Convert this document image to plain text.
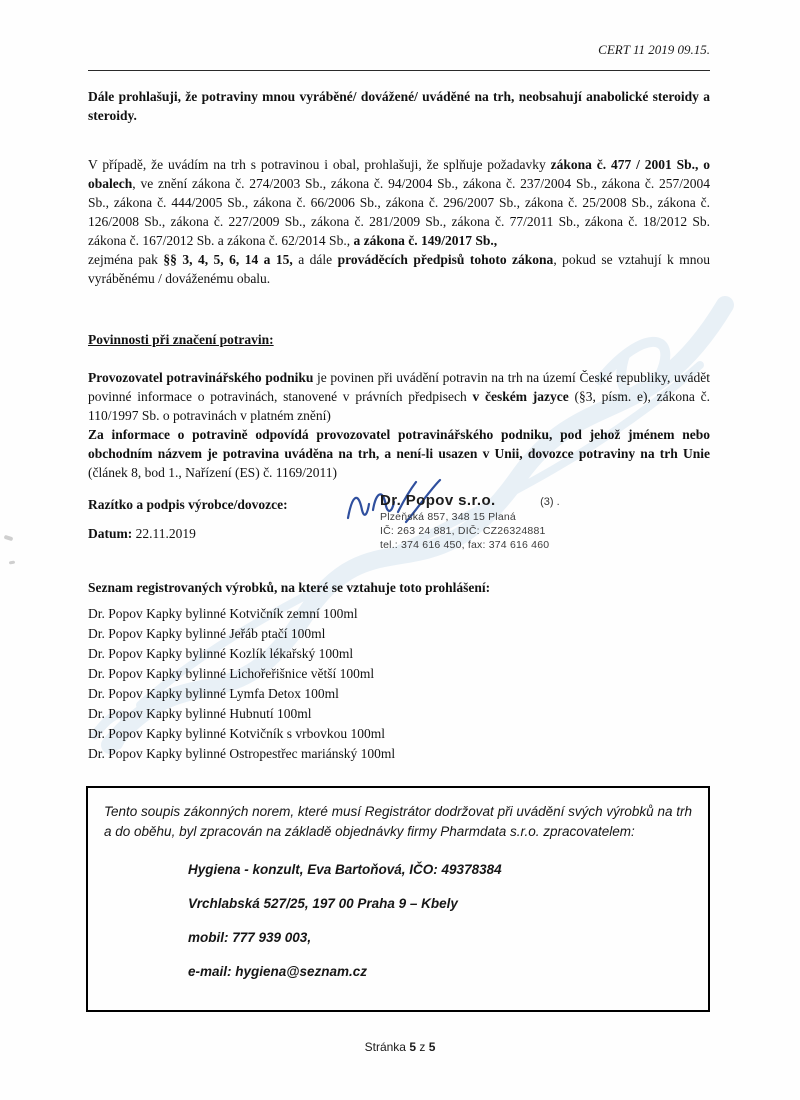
CERT 11 2019 09.15.

Dále prohlašuji, že potraviny mnou vyráběné/ dovážené/ uváděné na trh, neobsahují anabolické steroidy a steroidy.

V případě, že uvádím na trh s potravinou i obal, prohlašuji, že splňuje požadavky zákona č. 477 / 2001 Sb., o obalech, ve znění zákona č. 274/2003 Sb., zákona č. 94/2004 Sb., zákona č. 237/2004 Sb., zákona č. 257/2004 Sb., zákona č. 444/2005 Sb., zákona č. 66/2006 Sb., zákona č. 296/2007 Sb., zákona č. 25/2008 Sb., zákona č. 126/2008 Sb., zákona č. 227/2009 Sb., zákona č. 281/2009 Sb., zákona č. 77/2011 Sb., zákona č. 18/2012 Sb. zákona č. 167/2012 Sb. a zákona č. 62/2014 Sb., a zákona č. 149/2017 Sb.,
zejména pak §§ 3, 4, 5, 6, 14 a 15, a dále prováděcích předpisů tohoto zákona, pokud se vztahují k mnou vyráběnému / dováženému obalu.

Povinnosti při značení potravin:

Provozovatel potravinářského podniku je povinen při uvádění potravin na trh na území České republiky, uvádět povinné informace o potravinách, stanovené v právních předpisech v českém jazyce (§3, písm. e), zákona č. 110/1997 Sb. o potravinách v platném znění)
Za informace o potravině odpovídá provozovatel potravinářského podniku, pod jehož jménem nebo obchodním názvem je potravina uváděna na trh, a není-li usazen v Unii, dovozce potraviny na trh Unie (článek 8, bod 1., Nařízení (ES) č. 1169/2011)

Razítko a podpis výrobce/dovozce:	Dr. Popov s.r.o.	(3) .
Plzeňská 857, 348 15 Planá
IČ: 263 24 881, DIČ: CZ26324881
tel.: 374 616 450, fax: 374 616 460
Datum: 22.11.2019

Seznam registrovaných výrobků, na které se vztahuje toto prohlášení:

Dr. Popov Kapky bylinné Kotvičník zemní 100ml

Dr. Popov Kapky bylinné Jeřáb ptačí 100ml

Dr. Popov Kapky bylinné Kozlík lékařský 100ml

Dr. Popov Kapky bylinné Lichořeřišnice větší 100ml

Dr. Popov Kapky bylinné Lymfa Detox 100ml

Dr. Popov Kapky bylinné Hubnutí 100ml

Dr. Popov Kapky bylinné Kotvičník s vrbovkou 100ml

Dr. Popov Kapky bylinné Ostropestřec mariánský 100ml

Tento soupis zákonných norem, které musí Registrátor dodržovat při uvádění svých výrobků na trh a do oběhu, byl zpracován na základě objednávky firmy Pharmdata s.r.o. zpracovatelem:

Hygiena - konzult, Eva Bartoňová, IČO: 49378384

Vrchlabská 527/25, 197 00 Praha 9 – Kbely

mobil: 777 939 003,

e-mail: hygiena@seznam.cz

Stránka 5 z 5
